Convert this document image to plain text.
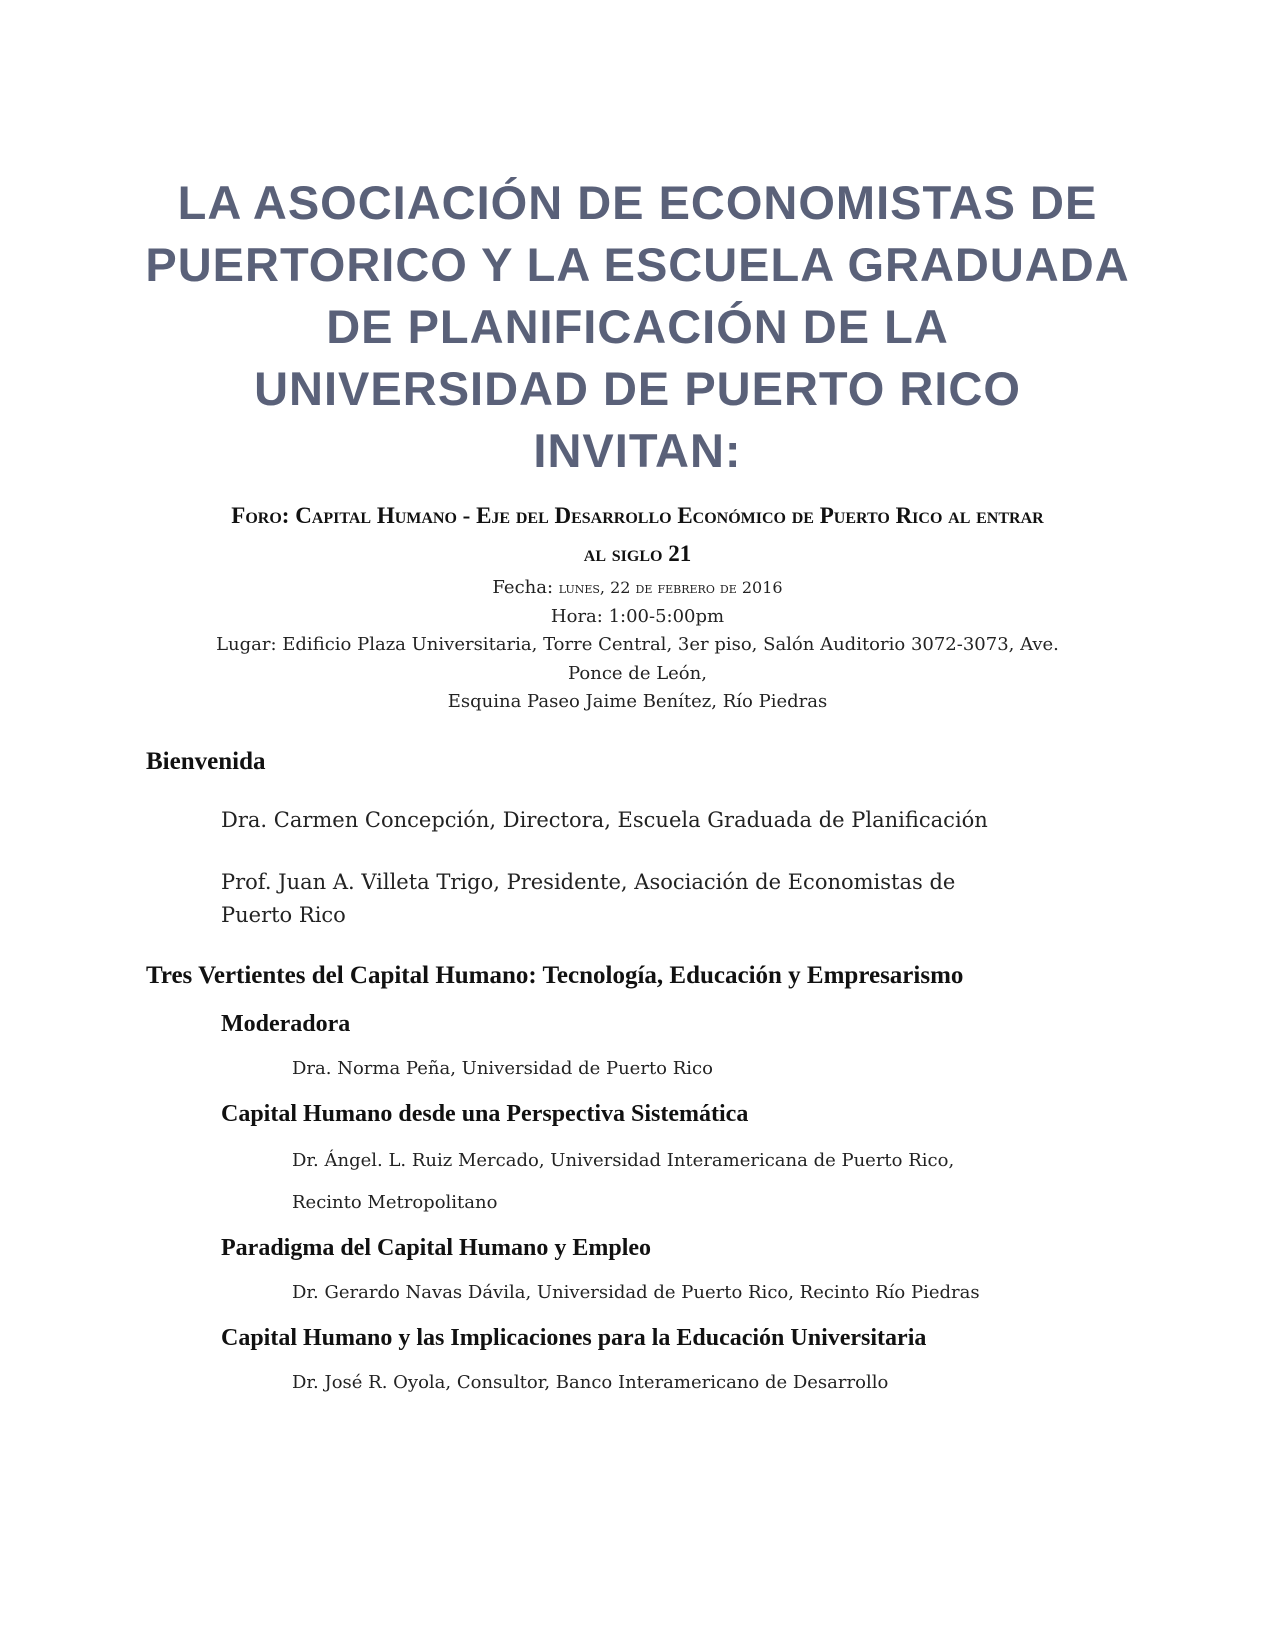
LA ASOCIACIÓN DE ECONOMISTAS DE
PUERTORICO Y LA ESCUELA GRADUADA
DE PLANIFICACIÓN DE LA
UNIVERSIDAD DE PUERTO RICO
INVITAN:
Foro: Capital Humano - Eje del Desarrollo Económico de Puerto Rico al entrar
al siglo 21
Fecha: lunes, 22 de febrero de 2016
Hora: 1:00-5:00pm
Lugar: Edificio Plaza Universitaria, Torre Central, 3er piso, Salón Auditorio 3072-3073, Ave.
Ponce de León,
Esquina Paseo Jaime Benítez, Río Piedras
Bienvenida
Dra. Carmen Concepción, Directora, Escuela Graduada de Planificación
Prof. Juan A. Villeta Trigo, Presidente, Asociación de Economistas de
Puerto Rico
Tres Vertientes del Capital Humano: Tecnología, Educación y Empresarismo
Moderadora
Dra. Norma Peña, Universidad de Puerto Rico
Capital Humano desde una Perspectiva Sistemática
Dr. Ángel. L. Ruiz Mercado, Universidad Interamericana de Puerto Rico,
Recinto Metropolitano
Paradigma del Capital Humano y Empleo
Dr. Gerardo Navas Dávila, Universidad de Puerto Rico, Recinto Río Piedras
Capital Humano y las Implicaciones para la Educación Universitaria
Dr. José R. Oyola, Consultor, Banco Interamericano de Desarrollo
